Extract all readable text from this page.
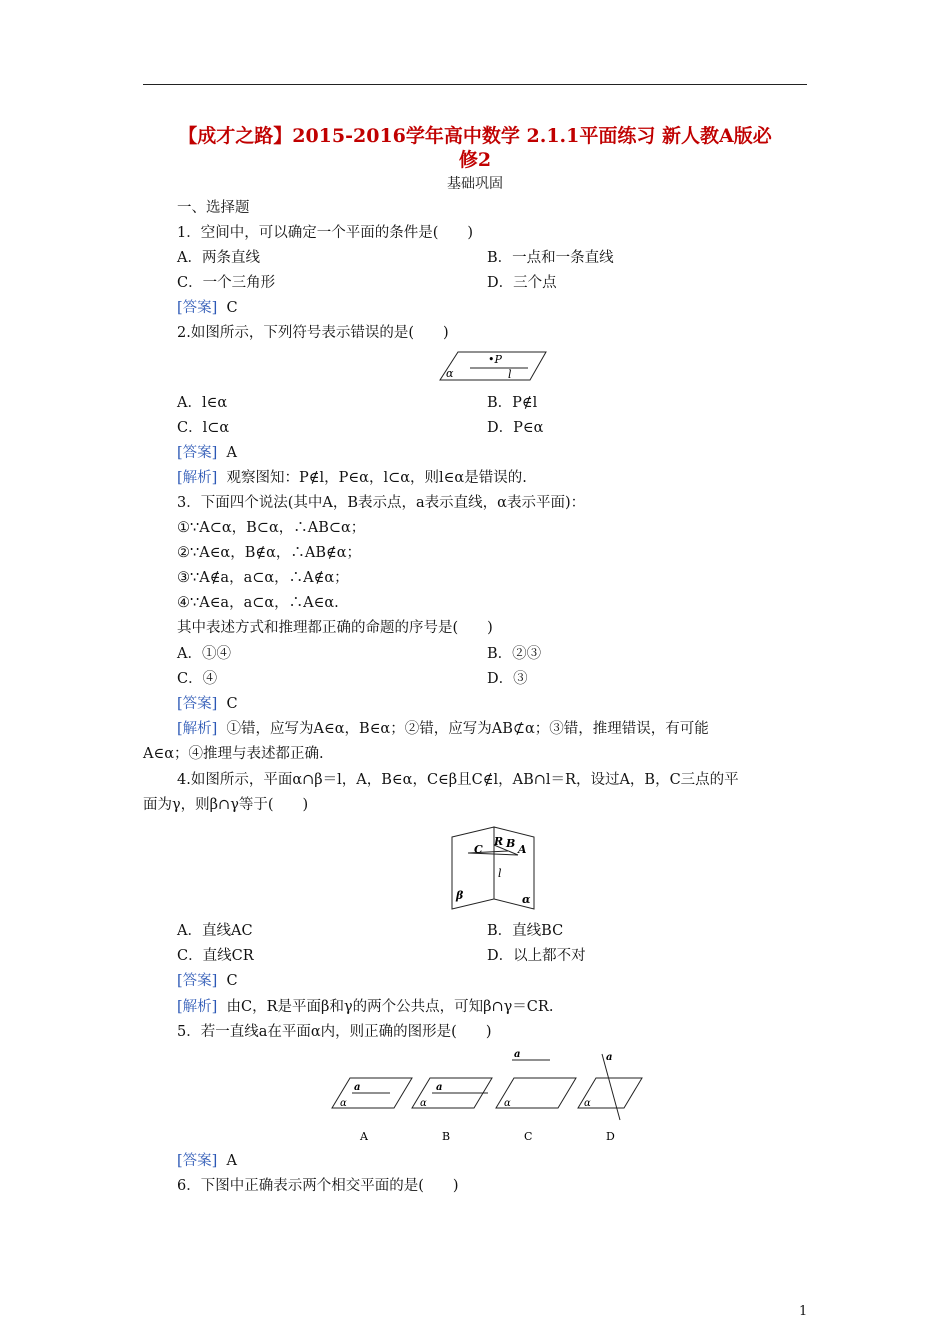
【成才之路】2015-2016学年高中数学 2.1.1平面练习 新人教A版必
修2
基础巩固
一、选择题
1．空间中，可以确定一个平面的条件是(　　)
A．两条直线	B．一点和一条直线
C．一个三角形	D．三个点
[答案] C
2.如图所示，下列符号表示错误的是(　　)
•P
l
α
A．l∈α	B．P∉l
C．l⊂α	D．P∈α
[答案] A
[解析] 观察图知：P∉l，P∈α，l⊂α，则l∈α是错误的.
3．下面四个说法(其中A，B表示点，a表示直线，α表示平面)：
①∵A⊂α，B⊂α，∴AB⊂α；
②∵A∈α，B∉α，∴AB∉α；
③∵A∉a，a⊂α，∴A∉α；
④∵A∈a，a⊂α，∴A∈α.
其中表述方式和推理都正确的命题的序号是(　　)
A．①④	B．②③
C．④	D．③
[答案] C
[解析] ①错，应写为A∈α，B∈α；②错，应写为AB⊄α；③错，推理错误，有可能
A∈α；④推理与表述都正确.
4.如图所示，平面α∩β＝l，A，B∈α，C∈β且C∉l，AB∩l＝R，设过A，B，C三点的平
面为γ，则β∩γ等于(　　)
C
R B A
l
β	α
A．直线AC	B．直线BC
C．直线CR	D．以上都不对
[答案] C
[解析] 由C，R是平面β和γ的两个公共点，可知β∩γ＝CR.
5．若一直线a在平面α内，则正确的图形是(　　)
a
α
A
a
α
B
a
α
C
a
α
D
[答案] A
6．下图中正确表示两个相交平面的是(　　)
1
